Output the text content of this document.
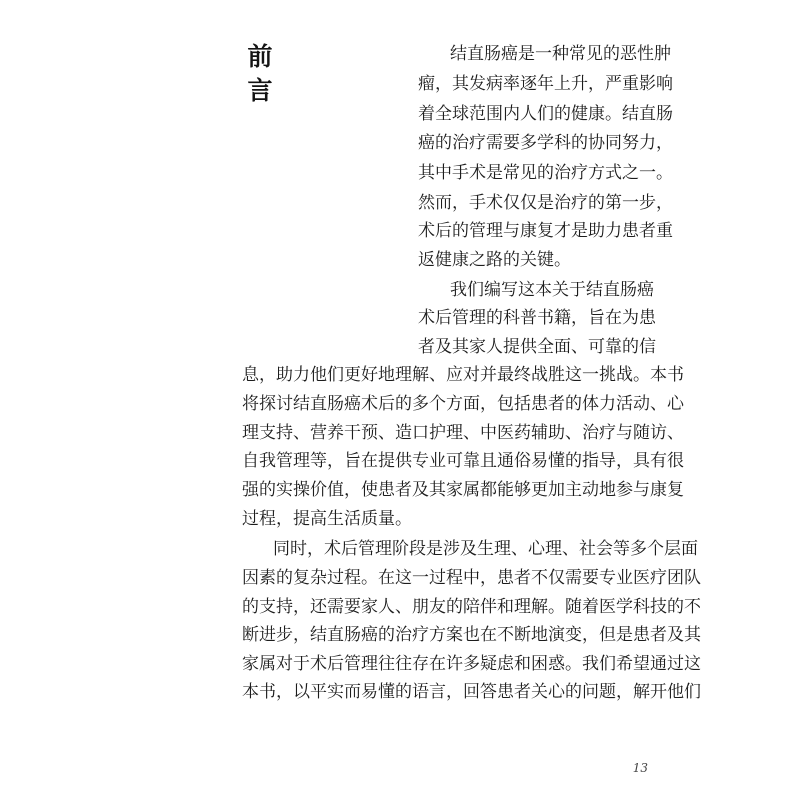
前
言
结直肠癌是一种常见的恶性肿
瘤，其发病率逐年上升，严重影响
着全球范围内人们的健康。结直肠
癌的治疗需要多学科的协同努力，
其中手术是常见的治疗方式之一。
然而，手术仅仅是治疗的第一步，
术后的管理与康复才是助力患者重
返健康之路的关键。
我们编写这本关于结直肠癌
术后管理的科普书籍，旨在为患
者及其家人提供全面、可靠的信
息，助力他们更好地理解、应对并最终战胜这一挑战。本书
将探讨结直肠癌术后的多个方面，包括患者的体力活动、心
理支持、营养干预、造口护理、中医药辅助、治疗与随访、
自我管理等，旨在提供专业可靠且通俗易懂的指导，具有很
强的实操价值，使患者及其家属都能够更加主动地参与康复
过程，提高生活质量。
同时，术后管理阶段是涉及生理、心理、社会等多个层面
因素的复杂过程。在这一过程中，患者不仅需要专业医疗团队
的支持，还需要家人、朋友的陪伴和理解。随着医学科技的不
断进步，结直肠癌的治疗方案也在不断地演变，但是患者及其
家属对于术后管理往往存在许多疑虑和困惑。我们希望通过这
本书，以平实而易懂的语言，回答患者关心的问题，解开他们
13
